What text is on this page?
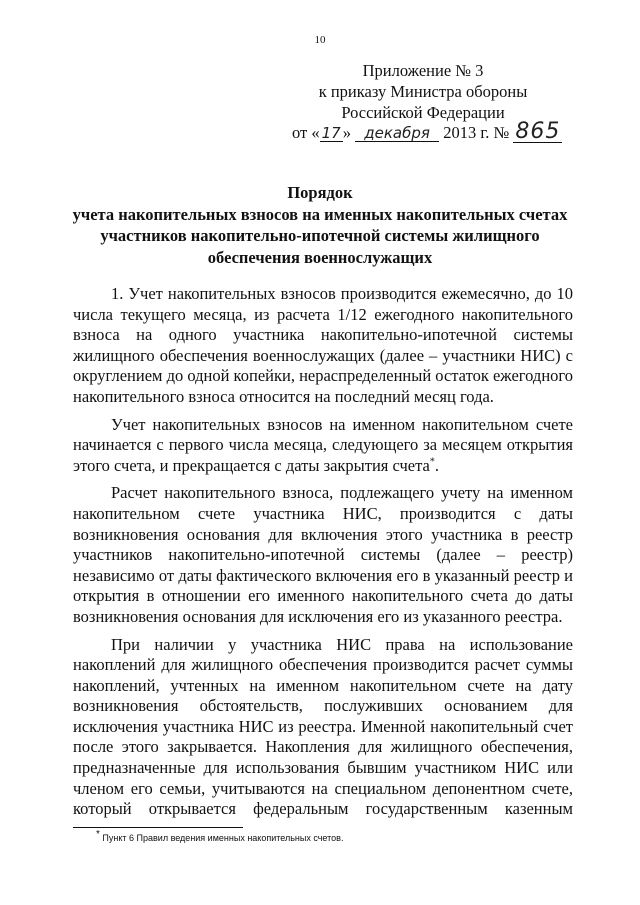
10
Приложение № 3
к приказу Министра обороны
Российской Федерации
от « 17 » декабря 2013 г. № 865
Порядок
учета накопительных взносов на именных накопительных счетах
участников накопительно-ипотечной системы жилищного
обеспечения военнослужащих

1. Учет накопительных взносов производится ежемесячно, до 10 числа текущего месяца, из расчета 1/12 ежегодного накопительного взноса на одного участника накопительно-ипотечной системы жилищного обеспечения военнослужащих (далее – участники НИС) с округлением до одной копейки, нераспределенный остаток ежегодного накопительного взноса относится на последний месяц года.

Учет накопительных взносов на именном накопительном счете начинается с первого числа месяца, следующего за месяцем открытия этого счета, и прекращается с даты закрытия счета*.

Расчет накопительного взноса, подлежащего учету на именном накопительном счете участника НИС, производится с даты возникновения основания для включения этого участника в реестр участников накопительно-ипотечной системы (далее – реестр) независимо от даты фактического включения его в указанный реестр и открытия в отношении его именного накопительного счета до даты возникновения основания для исключения его из указанного реестра.

При наличии у участника НИС права на использование накоплений для жилищного обеспечения производится расчет суммы накоплений, учтенных на именном накопительном счете на дату возникновения обстоятельств, послуживших основанием для исключения участника НИС из реестра. Именной накопительный счет после этого закрывается. Накопления для жилищного обеспечения, предназначенные для использования бывшим участником НИС или членом его семьи, учитываются на специальном депонентном счете, который открывается федеральным государственным казенным

* Пункт 6 Правил ведения именных накопительных счетов.
